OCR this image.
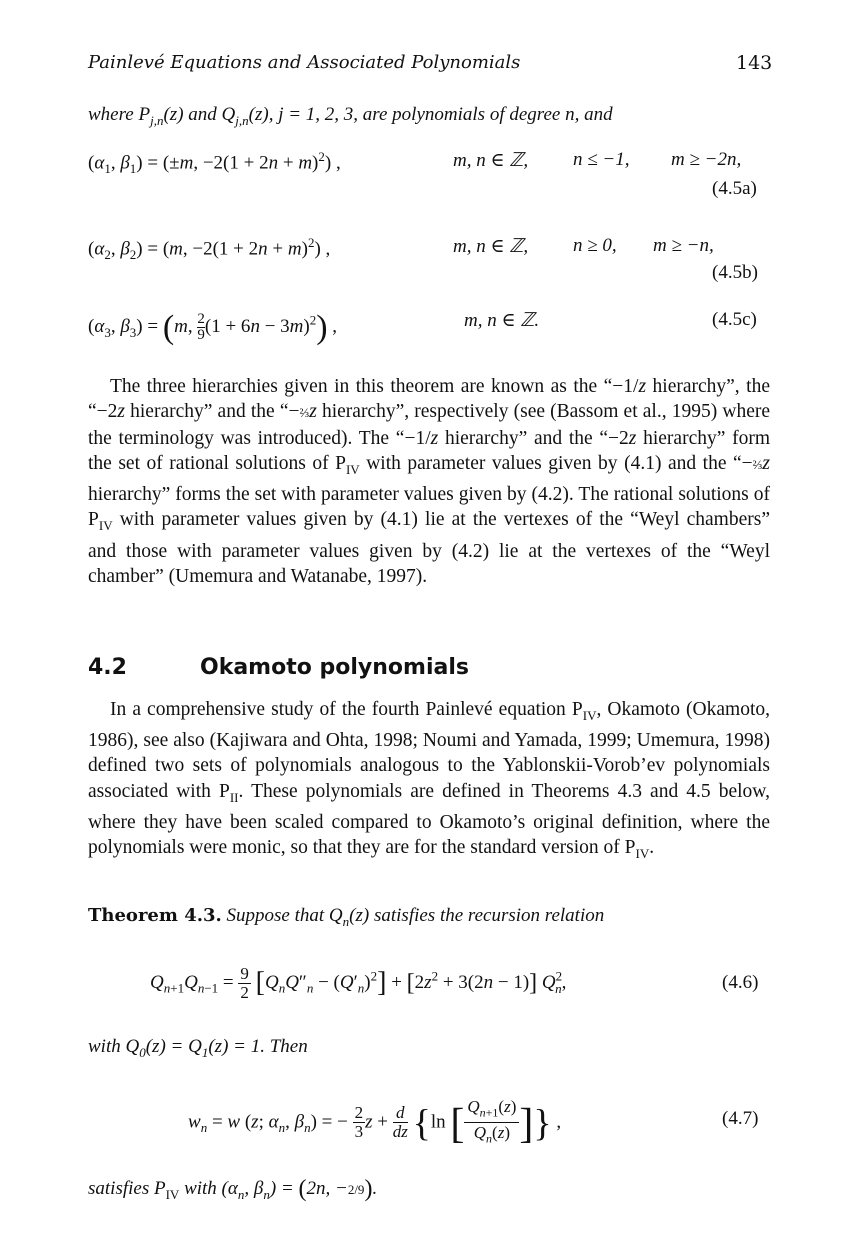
Painlevé Equations and Associated Polynomials	143
where $P_{j,n}(z)$ and $Q_{j,n}(z)$, j = 1, 2, 3, are polynomials of degree n, and
($\alpha_1$, $\beta_1) = (\pm m$, $-2(1 + 2n + m)^2$) ,	m, n ∈ ℤ, n ≤ −1, m ≥ −2n,
(4.5a)
($\alpha_2$, $\beta_2) = (m$, $-2(1 + 2n + m)^2$) ,	m, n ∈ ℤ, n ≥ 0, m ≥ −n,
(4.5b)
($\alpha_3$, $\beta_3) = (m$, $\frac{2}{9} (1 + 6n - 3m)^2$) ,	m, n ∈ ℤ.	(4.5c)

The three hierarchies given in this theorem are known as the “−1/z hierarchy”, the “−2z hierarchy” and the “−⅔z hierarchy”, respectively (see (Bassom et al., 1995) where the terminology was introduced). The “−1/z hierarchy” and the “−2z hierarchy” form the set of rational solutions of $P_{IV}$ with parameter values given by (4.1) and the “−⅔z hierarchy” forms the set with parameter values given by (4.2). The rational solutions of $P_{IV}$ with parameter values given by (4.1) lie at the vertexes of the “Weyl chambers” and those with parameter values given by (4.2) lie at the vertexes of the “Weyl chamber” (Umemura and Watanabe, 1997).

4.2	Okamoto polynomials

In a comprehensive study of the fourth Painlevé equation $P_{IV}$, Okamoto (Okamoto, 1986), see also (Kajiwara and Ohta, 1998; Noumi and Yamada, 1999; Umemura, 1998) defined two sets of polynomials analogous to the Yablonskii-Vorob’ev polynomials associated with $P_{II}$. These polynomials are defined in Theorems 4.3 and 4.5 below, where they have been scaled compared to Okamoto’s original definition, where the polynomials were monic, so that they are for the standard version of $P_{IV}$.

Theorem 4.3. Suppose that $Q_n(z)$ satisfies the recursion relation
$Q_{n+1}Q_{n-1} = \frac{9}{2} [Q_nQ''_n - (Q'_n)^2] + [2z^2 + 3(2n - 1)]$ $Q^2_n$,	(4.6)
with $Q_0(z) = Q_1(z) = 1$. Then
$w_n = w$ (z; $\alpha_n$, $\beta_n$) = − $\frac{2}{3}$ $z + \frac{d}{dz} \{\ln$ [ $\frac{Q_{n+1}(z)}{Q_n(z)}$ ]} ,	(4.7)
satisfies $P_{IV}$ with ($\alpha_n$, $\beta_n) = (2n$, −2/9).
